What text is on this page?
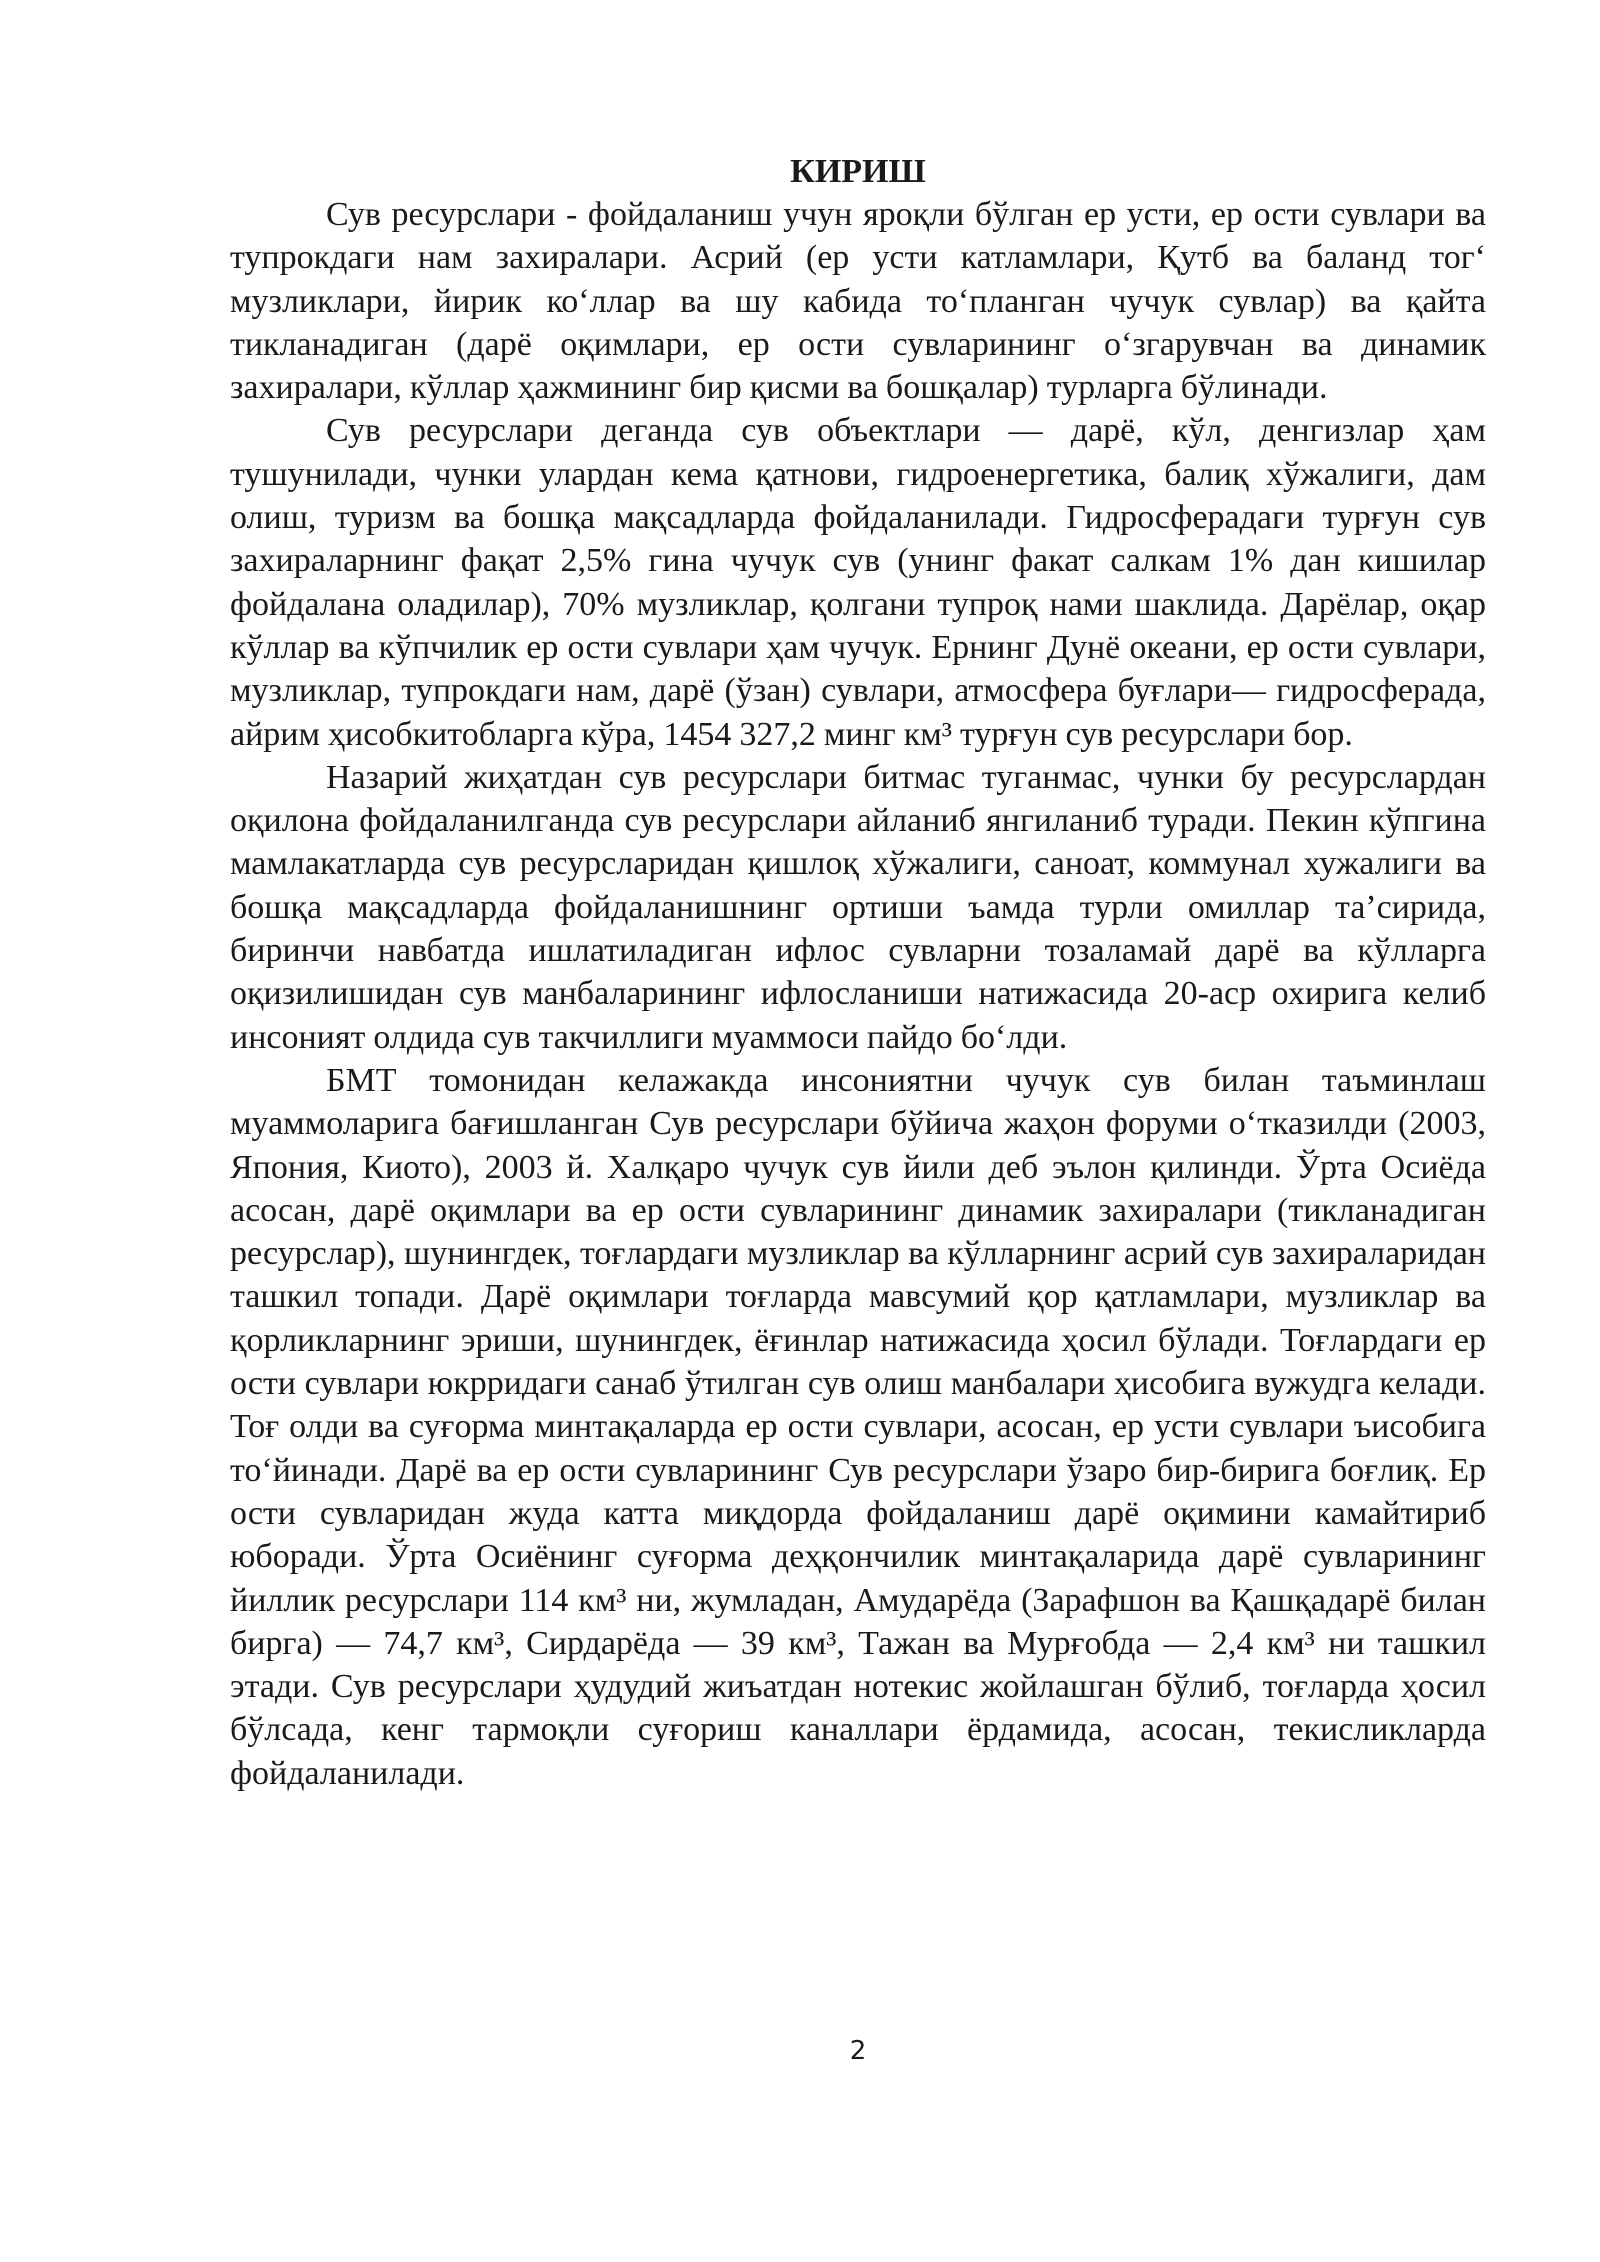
КИРИШ

Сув ресурслари - фойдаланиш учун яроқли бўлган ер усти, ер ости сувлари ва тупрокдаги нам захиралари. Асрий (ер усти катламлари, Қутб ва баланд тог‘ музликлари, йирик ко‘ллар ва шу кабида то‘планган чучук сувлар) ва қайта тикланадиган (дарё оқимлари, ер ости сувларининг о‘згарувчан ва динамик захиралари, кўллар ҳажмининг бир қисми ва бошқалар) турларга бўлинади.

Сув ресурслари деганда сув объектлари — дарё, кўл, денгизлар ҳам тушунилади, чунки улардан кема қатнови, гидроенергетика, балиқ хўжалиги, дам олиш, туризм ва бошқа мақсадларда фойдаланилади. Гидросферадаги турғун сув захираларнинг фақат 2,5% гина чучук сув (унинг факат салкам 1% дан кишилар фойдалана оладилар), 70% музликлар, қолгани тупроқ нами шаклида. Дарёлар, оқар кўллар ва кўпчилик ер ости сувлари ҳам чучук. Ернинг Дунё океани, ер ости сувлари, музликлар, тупрокдаги нам, дарё (ўзан) сувлари, атмосфера буғлари— гидросферада, айрим ҳисобкитобларга кўра, 1454 327,2 минг км³ турғун сув ресурслари бор.

Назарий жиҳатдан сув ресурслари битмас туганмас, чунки бу ресурслардан оқилона фойдаланилганда сув ресурслари айланиб янгиланиб туради. Пекин кўпгина мамлакатларда сув ресурсларидан қишлоқ хўжалиги, саноат, коммунал хужалиги ва бошқа мақсадларда фойдаланишнинг ортиши ъамда турли омиллар та’сирида, биринчи навбатда ишлатиладиган ифлос сувларни тозаламай дарё ва кўлларга оқизилишидан сув манбаларининг ифлосланиши натижасида 20-аср охирига келиб инсоният олдида сув такчиллиги муаммоси пайдо бо‘лди.

БМТ томонидан келажакда инсониятни чучук сув билан таъминлаш муаммоларига бағишланган Сув ресурслари бўйича жаҳон форуми о‘тказилди (2003, Япония, Киото), 2003 й. Халқаро чучук сув йили деб эълон қилинди. Ўрта Осиёда асосан, дарё оқимлари ва ер ости сувларининг динамик захиралари (тикланадиган ресурслар), шунингдек, тоғлардаги музликлар ва кўлларнинг асрий сув захираларидан ташкил топади. Дарё оқимлари тоғларда мавсумий қор қатламлари, музликлар ва қорликларнинг эриши, шунингдек, ёғинлар натижасида ҳосил бўлади. Тоғлардаги ер ости сувлари юкрридаги санаб ўтилган сув олиш манбалари ҳисобига вужудга келади. Тоғ олди ва суғорма минтақаларда ер ости сувлари, асосан, ер усти сувлари ъисобига то‘йинади. Дарё ва ер ости сувларининг Сув ресурслари ўзаро бир-бирига боғлиқ. Ер ости сувларидан жуда катта миқдорда фойдаланиш дарё оқимини камайтириб юборади. Ўрта Осиёнинг суғорма деҳқончилик минтақаларида дарё сувларининг йиллик ресурслари 114 км³ ни, жумладан, Амударёда (Зарафшон ва Қашқадарё билан бирга) — 74,7 км³, Сирдарёда — 39 км³, Тажан ва Мурғобда — 2,4 км³ ни ташкил этади. Сув ресурслари ҳудудий жиъатдан нотекис жойлашган бўлиб, тоғларда ҳосил бўлсада, кенг тармоқли суғориш каналлари ёрдамида, асосан, текисликларда фойдаланилади.

2
